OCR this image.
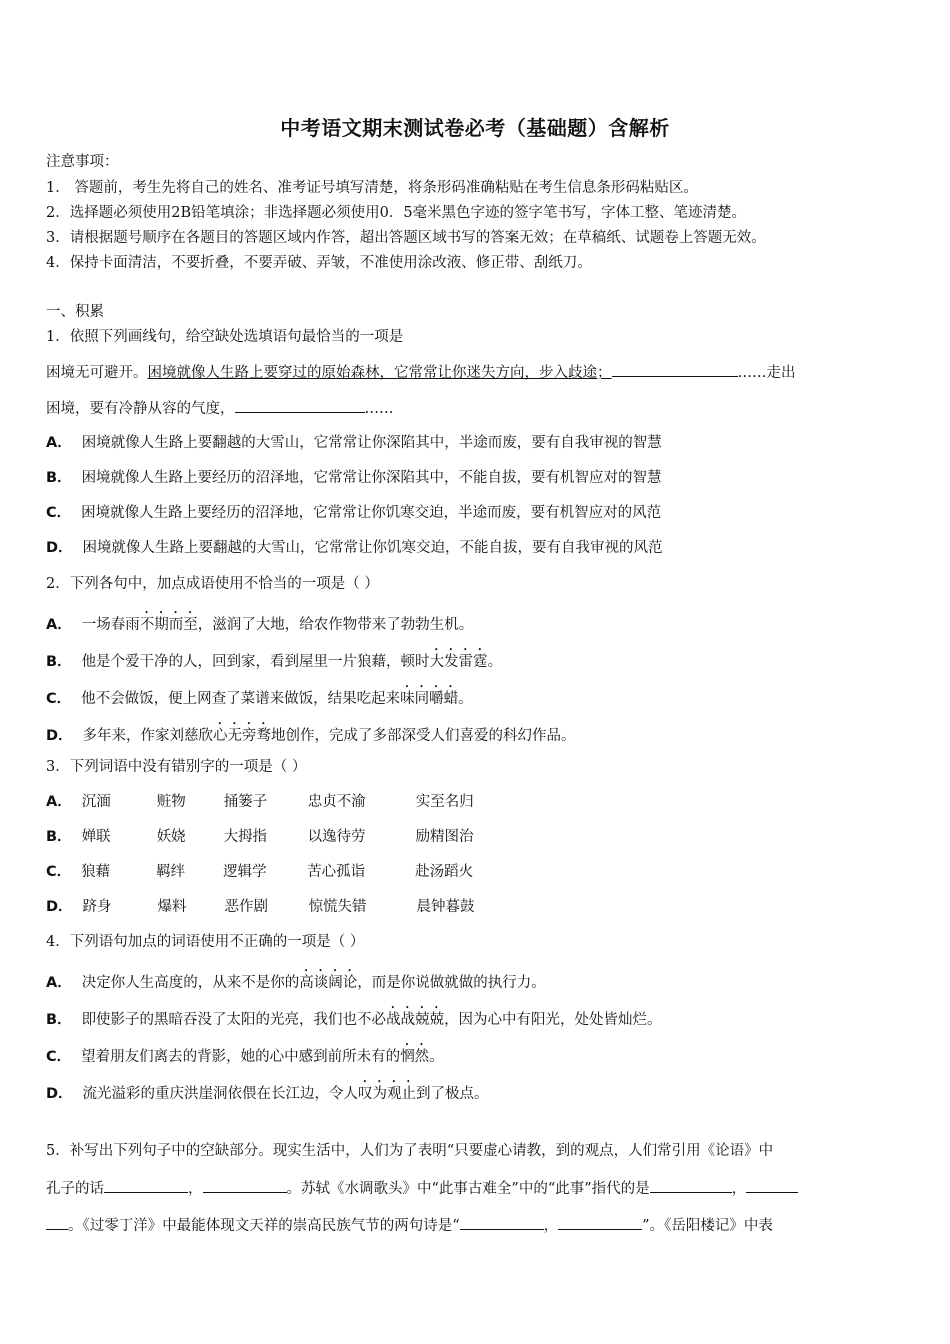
中考语文期末测试卷必考（基础题）含解析
注意事项：
1． 答题前，考生先将自己的姓名、准考证号填写清楚，将条形码准确粘贴在考生信息条形码粘贴区。
2．选择题必须使用2B铅笔填涂；非选择题必须使用0．5毫米黑色字迹的签字笔书写，字体工整、笔迹清楚。
3．请根据题号顺序在各题目的答题区域内作答，超出答题区域书写的答案无效；在草稿纸、试题卷上答题无效。
4．保持卡面清洁，不要折叠，不要弄破、弄皱，不准使用涂改液、修正带、刮纸刀。
一、积累
1．依照下列画线句，给空缺处选填语句最恰当的一项是
困境无可避开。困境就像人生路上要穿过的原始森林，它常常让你迷失方向，步入歧途；	……走出
困境，要有冷静从容的气度，	……
A． 困境就像人生路上要翻越的大雪山，它常常让你深陷其中，半途而废，要有自我审视的智慧
B． 困境就像人生路上要经历的沼泽地，它常常让你深陷其中，不能自拔，要有机智应对的智慧
C． 困境就像人生路上要经历的沼泽地，它常常让你饥寒交迫，半途而废，要有机智应对的风范
D． 困境就像人生路上要翻越的大雪山，它常常让你饥寒交迫，不能自拔，要有自我审视的风范
2．下列各句中，加点成语使用不恰当的一项是（ ）
A． 一场春雨不期而至，滋润了大地，给农作物带来了勃勃生机。
B． 他是个爱干净的人，回到家，看到屋里一片狼藉，顿时大发雷霆。
C． 他不会做饭，便上网查了菜谱来做饭，结果吃起来味同嚼蜡。
D． 多年来，作家刘慈欣心无旁骛地创作，完成了多部深受人们喜爱的科幻作品。
3．下列词语中没有错别字的一项是（ ）
A． 沉湎	赃物	捅篓子	忠贞不渝	实至名归
B． 婵联	妖娆	大拇指	以逸待劳	励精图治
C． 狼藉	羁绊	逻辑学	苦心孤诣	赴汤蹈火
D． 跻身	爆料	恶作剧	惊慌失错	晨钟暮鼓
4．下列语句加点的词语使用不正确的一项是（ ）
A． 决定你人生高度的，从来不是你的高谈阔论，而是你说做就做的执行力。
B． 即使影子的黑暗吞没了太阳的光亮，我们也不必战战兢兢，因为心中有阳光，处处皆灿烂。
C． 望着朋友们离去的背影，她的心中感到前所未有的惘然。
D． 流光溢彩的重庆洪崖洞依偎在长江边，令人叹为观止到了极点。
5．补写出下列句子中的空缺部分。现实生活中，人们为了表明“只要虚心请教，到的观点，人们常引用《论语》中
孔子的话	，	。苏轼《水调歌头》中“此事古难全”中的“此事”指代的是	，
。《过零丁洋》中最能体现文天祥的崇高民族气节的两句诗是“	，	”。《岳阳楼记》中表
